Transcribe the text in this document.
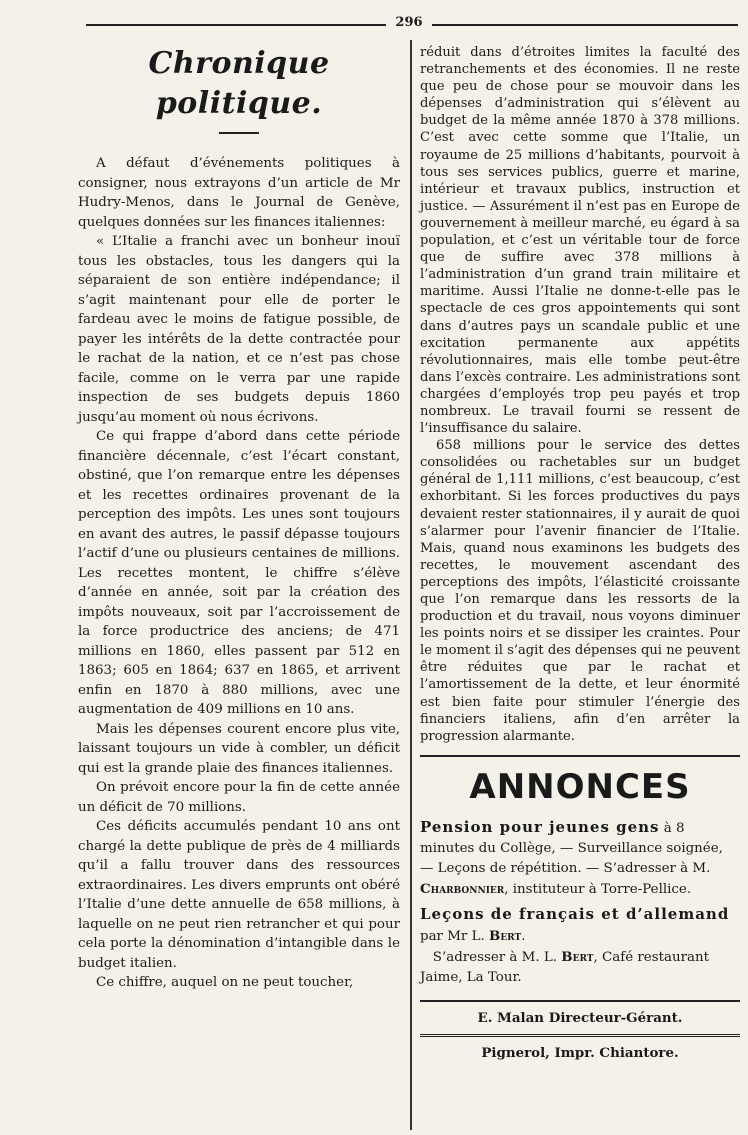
296
Chronique politique.

A défaut d’événements politiques à consigner, nous extrayons d’un article de Mr Hudry-Menos, dans le Journal de Genève, quelques données sur les finances italiennes:

« L’Italie a franchi avec un bonheur inouï tous les obstacles, tous les dangers qui la séparaient de son entière indépendance; il s’agit maintenant pour elle de porter le fardeau avec le moins de fatigue possible, de payer les intérêts de la dette contractée pour le rachat de la nation, et ce n’est pas chose facile, comme on le verra par une rapide inspection de ses budgets depuis 1860 jusqu’au moment où nous écrivons.

Ce qui frappe d’abord dans cette période financière décennale, c’est l’écart constant, obstiné, que l’on remarque entre les dépenses et les recettes ordinaires provenant de la perception des impôts. Les unes sont toujours en avant des autres, le passif dépasse toujours l’actif d’une ou plusieurs centaines de millions. Les recettes montent, le chiffre s’élève d’année en année, soit par la création des impôts nouveaux, soit par l’accroissement de la force productrice des anciens; de 471 millions en 1860, elles passent par 512 en 1863; 605 en 1864; 637 en 1865, et arrivent enfin en 1870 à 880 millions, avec une augmentation de 409 millions en 10 ans.

Mais les dépenses courent encore plus vite, laissant toujours un vide à combler, un déficit qui est la grande plaie des finances italiennes.

On prévoit encore pour la fin de cette année un déficit de 70 millions.

Ces déficits accumulés pendant 10 ans ont chargé la dette publique de près de 4 milliards qu’il a fallu trouver dans des ressources extraordinaires. Les divers emprunts ont obéré l’Italie d’une dette annuelle de 658 millions, à laquelle on ne peut rien retrancher et qui pour cela porte la dénomination d’intangible dans le budget italien.

Ce chiffre, auquel on ne peut toucher,

réduit dans d’étroites limites la faculté des retranchements et des économies. Il ne reste que peu de chose pour se mouvoir dans les dépenses d’administration qui s’élèvent au budget de la même année 1870 à 378 millions. C’est avec cette somme que l’Italie, un royaume de 25 millions d’habitants, pourvoit à tous ses services publics, guerre et marine, intérieur et travaux publics, instruction et justice. — Assurément il n’est pas en Europe de gouvernement à meilleur marché, eu égard à sa population, et c’est un véritable tour de force que de suffire avec 378 millions à l’administration d’un grand train militaire et maritime. Aussi l’Italie ne donne-t-elle pas le spectacle de ces gros appointements qui sont dans d’autres pays un scandale public et une excitation permanente aux appétits révolutionnaires, mais elle tombe peut-être dans l’excès contraire. Les administrations sont chargées d’employés trop peu payés et trop nombreux. Le travail fourni se ressent de l’insuffisance du salaire.

658 millions pour le service des dettes consolidées ou rachetables sur un budget général de 1,111 millions, c’est beaucoup, c’est exhorbitant. Si les forces productives du pays devaient rester stationnaires, il y aurait de quoi s’alarmer pour l’avenir financier de l’Italie. Mais, quand nous examinons les budgets des recettes, le mouvement ascendant des perceptions des impôts, l’élasticité croissante que l’on remarque dans les ressorts de la production et du travail, nous voyons diminuer les points noirs et se dissiper les craintes. Pour le moment il s’agit des dépenses qui ne peuvent être réduites que par le rachat et l’amortissement de la dette, et leur énormité est bien faite pour stimuler l’énergie des financiers italiens, afin d’en arrêter la progression alarmante.

ANNONCES

Pension pour jeunes gens à 8 minutes du Collège, — Surveillance soignée, — Leçons de répétition. — S’adresser à M. Charbonnier, instituteur à Torre-Pellice.

Leçons de français et d’allemand par Mr L. Bert.
S’adresser à M. L. Bert, Café restaurant Jaime, La Tour.

E. Malan Directeur-Gérant.

Pignerol, Impr. Chiantore.
